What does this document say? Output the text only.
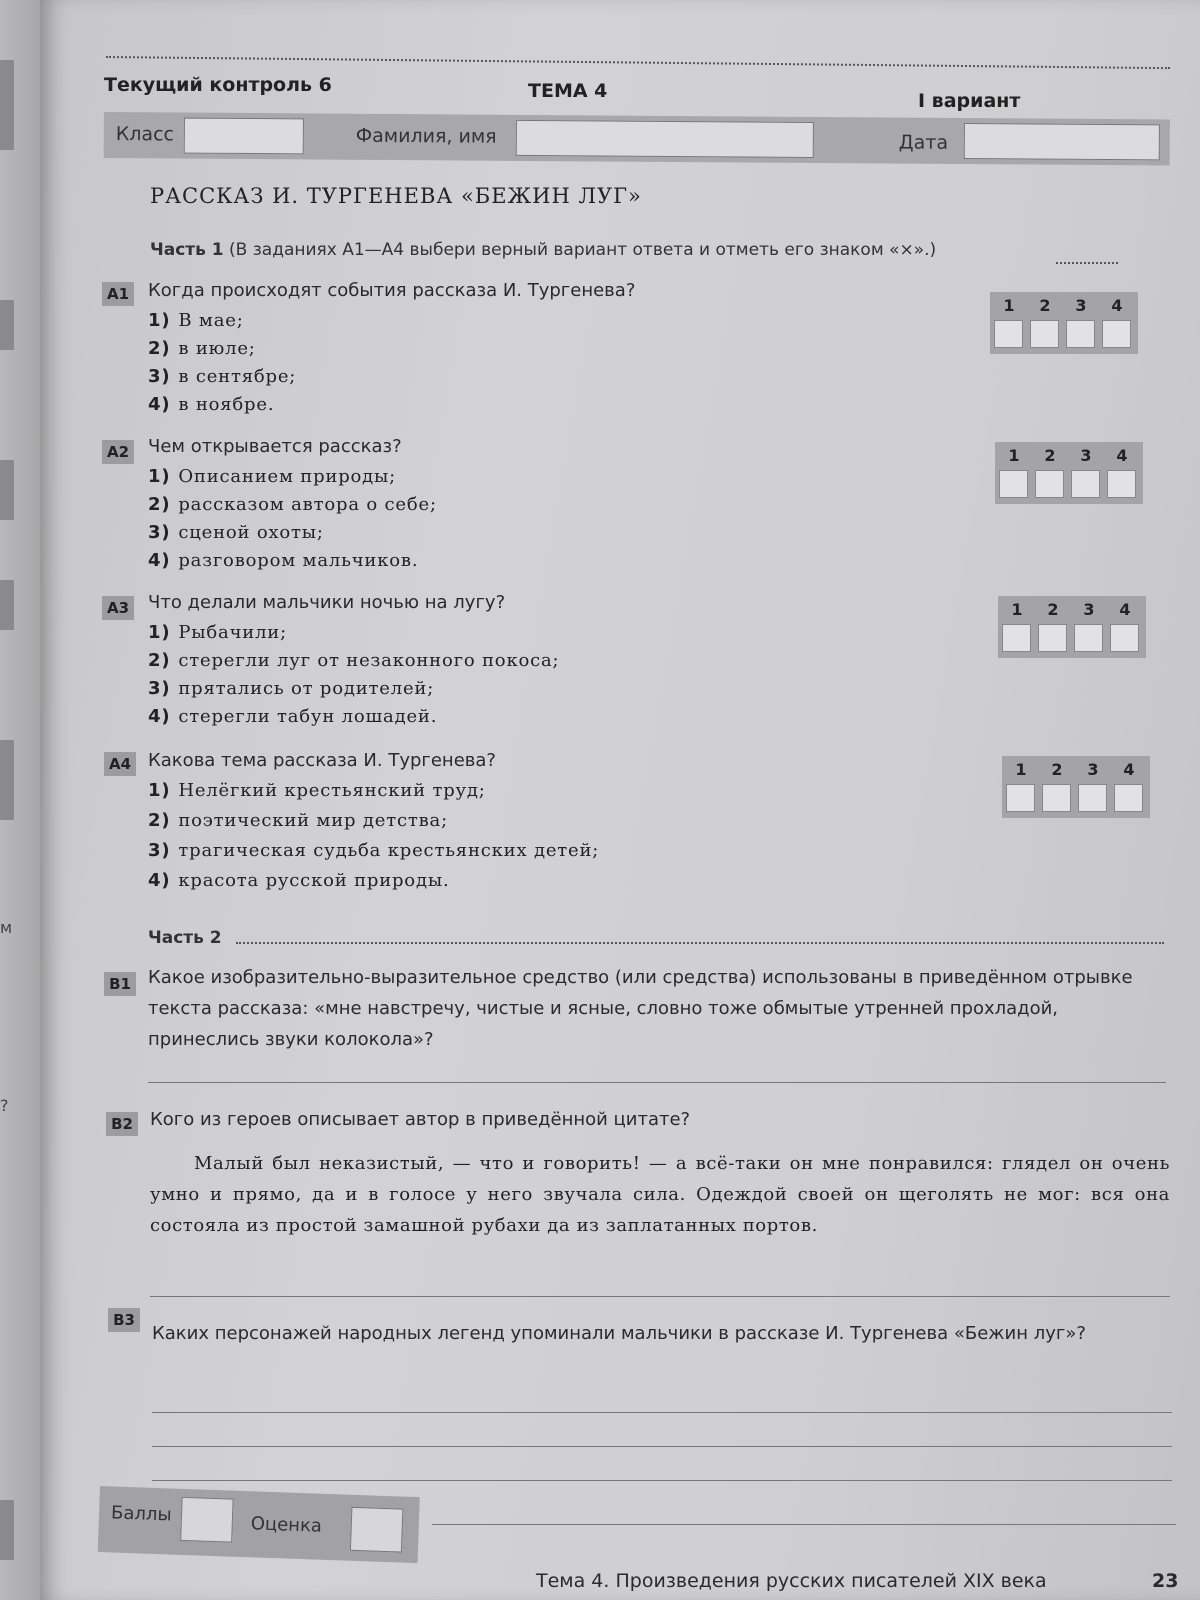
м
?
Текущий контроль 6	ТЕМА 4	I вариант
Класс	Фамилия, имя	Дата
РАССКАЗ И. ТУРГЕНЕВА «БЕЖИН ЛУГ»
Часть 1 (В заданиях А1—А4 выбери верный вариант ответа и отметь его знаком «×».)
А1 Когда происходят события рассказа И. Тургенева?
1) В мае;
2) в июле;
3) в сентябре;
4) в ноябре.
1	2	3	4
А2 Чем открывается рассказ?
1) Описанием природы;
2) рассказом автора о себе;
3) сценой охоты;
4) разговором мальчиков.
1	2	3	4
А3 Что делали мальчики ночью на лугу?
1) Рыбачили;
2) стерегли луг от незаконного покоса;
3) прятались от родителей;
4) стерегли табун лошадей.
1	2	3	4
А4 Какова тема рассказа И. Тургенева?
1) Нелёгкий крестьянский труд;
2) поэтический мир детства;
3) трагическая судьба крестьянских детей;
4) красота русской природы.
1	2	3	4
Часть 2
В1 Какое изобразительно-выразительное средство (или средства) использованы в приведённом отрывке текста рассказа: «мне навстречу, чистые и ясные, словно тоже обмытые утренней прохладой, принеслись звуки колокола»?
В2 Кого из героев описывает автор в приведённой цитате?
Малый был неказистый, — что и говорить! — а всё-таки он мне понравился: глядел он очень умно и прямо, да и в голосе у него звучала сила. Одеждой своей он щеголять не мог: вся она состояла из простой замашной рубахи да из заплатанных портов.
В3
Каких персонажей народных легенд упоминали мальчики в рассказе И. Тургенева «Бежин луг»?
Баллы	Оценка
Тема 4. Произведения русских писателей XIX века	23
